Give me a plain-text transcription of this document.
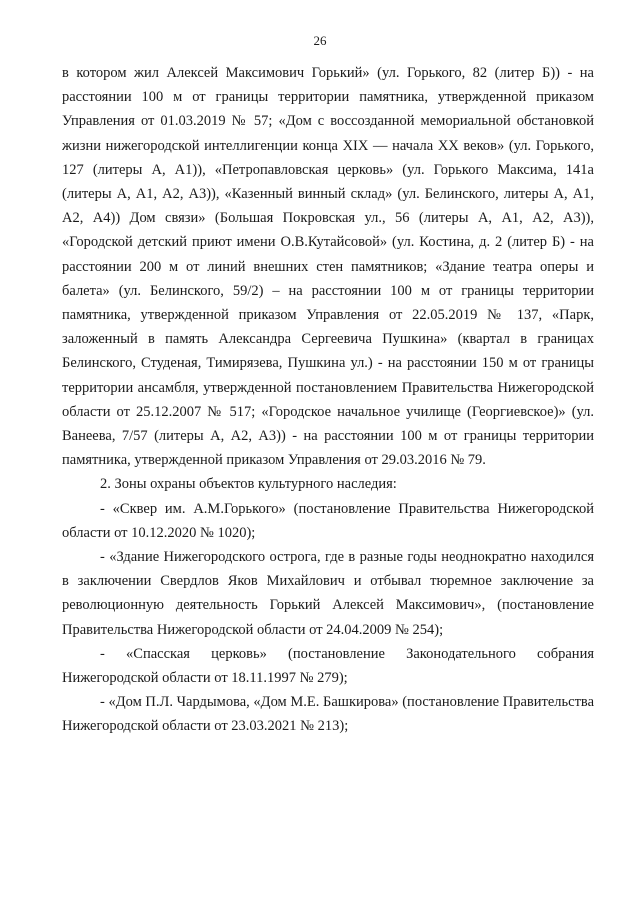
26

в котором жил Алексей Максимович Горький» (ул. Горького, 82 (литер Б)) - на расстоянии 100 м от границы территории памятника, утвержденной приказом Управления от 01.03.2019 № 57; «Дом с воссозданной мемориальной обстановкой жизни нижегородской интеллигенции конца XIX — начала XX веков» (ул. Горького, 127 (литеры А, А1)), «Петропавловская церковь» (ул. Горького Максима, 141а (литеры А, А1, А2, А3)), «Казенный винный склад» (ул. Белинского, литеры А, А1, А2, А4)) Дом связи» (Большая Покровская ул., 56 (литеры А, А1, А2, А3)), «Городской детский приют имени О.В.Кутайсовой» (ул. Костина, д. 2 (литер Б) - на расстоянии 200 м от линий внешних стен памятников; «Здание театра оперы и балета» (ул. Белинского, 59/2) – на расстоянии 100 м от границы территории памятника, утвержденной приказом Управления от 22.05.2019 № 137, «Парк, заложенный в память Александра Сергеевича Пушкина» (квартал в границах Белинского, Студеная, Тимирязева, Пушкина ул.) - на расстоянии 150 м от границы территории ансамбля, утвержденной постановлением Правительства Нижегородской области от 25.12.2007 № 517; «Городское начальное училище (Георгиевское)» (ул. Ванеева, 7/57 (литеры А, А2, А3)) - на расстоянии 100 м от границы территории памятника, утвержденной приказом Управления от 29.03.2016 № 79.

2. Зоны охраны объектов культурного наследия:

- «Сквер им. А.М.Горького» (постановление Правительства Нижегородской области от 10.12.2020 № 1020);

- «Здание Нижегородского острога, где в разные годы неоднократно находился в заключении Свердлов Яков Михайлович и отбывал тюремное заключение за революционную деятельность Горький Алексей Максимович», (постановление Правительства Нижегородской области от 24.04.2009 № 254);

- «Спасская церковь» (постановление Законодательного собрания Нижегородской области от 18.11.1997 № 279);

- «Дом П.Л. Чардымова, «Дом М.Е. Башкирова» (постановление Правительства Нижегородской области от 23.03.2021 № 213);
